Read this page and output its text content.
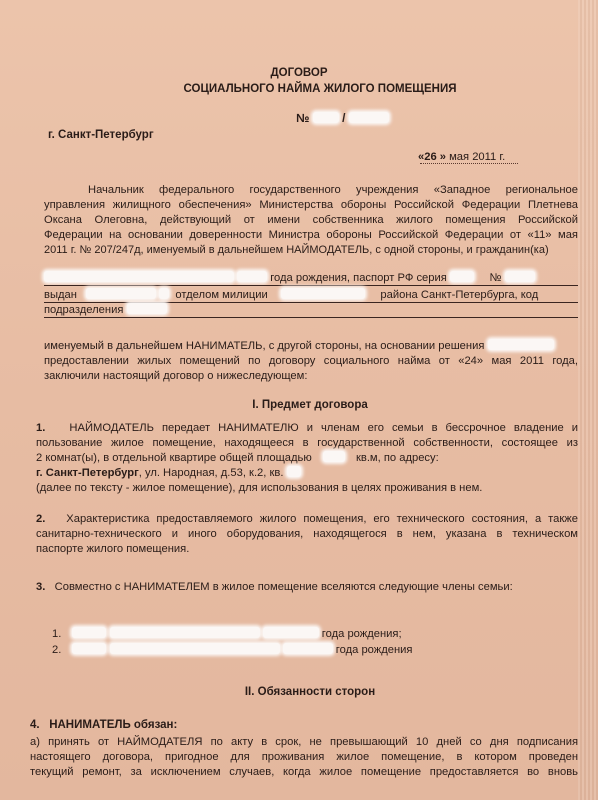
ДОГОВОР
СОЦИАЛЬНОГО НАЙМА ЖИЛОГО ПОМЕЩЕНИЯ
№	/
г. Санкт-Петербург
«26 » мая 2011 г.
Начальник федерального государственного учреждения «Западное региональное
управления жилищного обеспечения» Министерства обороны Российской Федерации Плетнева
Оксана Олеговна, действующий от имени собственника жилого помещения Российской
Федерации на основании доверенности Министра обороны Российской Федерации от «11» мая
2011 г. № 207/247д, именуемый в дальнейшем НАЙМОДАТЕЛЬ, с одной стороны, и гражданин(ка)
года рождения, паспорт РФ серия	№
выдан	отделом милиции	района Санкт-Петербурга, код
подразделения
именуемый в дальнейшем НАНИМАТЕЛЬ, с другой стороны, на основании решения
предоставлении жилых помещений по договору социального найма от «24» мая 2011 года,
заключили настоящий договор о нижеследующем:
I. Предмет договора
1. НАЙМОДАТЕЛЬ передает НАНИМАТЕЛЮ и членам его семьи в бессрочное владение и
пользование жилое помещение, находящееся в государственной собственности, состоящее из
2 комнат(ы), в отдельной квартире общей площадью	кв.м, по адресу:
г. Санкт-Петербург, ул. Народная, д.53, к.2, кв.
(далее по тексту - жилое помещение), для использования в целях проживания в нем.
2. Характеристика предоставляемого жилого помещения, его технического состояния, а также
санитарно-технического и иного оборудования, находящегося в нем, указана в техническом
паспорте жилого помещения.
3. Совместно с НАНИМАТЕЛЕМ в жилое помещение вселяются следующие члены семьи:
1.	года рождения;
2.	года рождения
II. Обязанности сторон
4. НАНИМАТЕЛЬ обязан:
а) принять от НАЙМОДАТЕЛЯ по акту в срок, не превышающий 10 дней со дня подписания
настоящего договора, пригодное для проживания жилое помещение, в котором проведен
текущий ремонт, за исключением случаев, когда жилое помещение предоставляется во вновь
